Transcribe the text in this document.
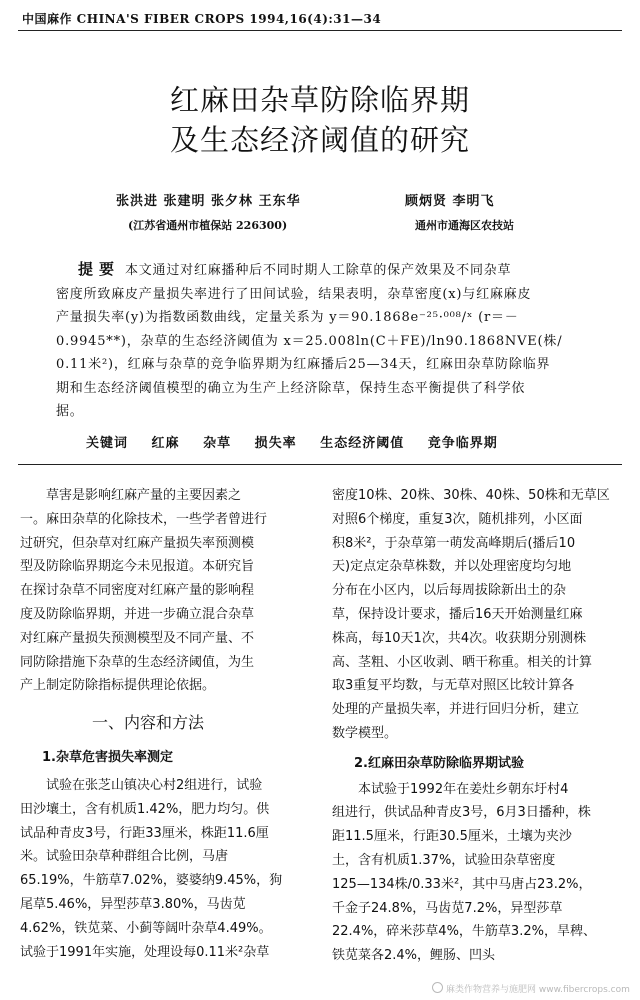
中国麻作 CHINA'S FIBER CROPS 1994,16(4):31—34
红麻田杂草防除临界期
及生态经济阈值的研究
张洪进 张建明 张夕林 王东华	顾炳贤 李明飞
(江苏省通州市植保站 226300)	通州市通海区农技站
提要 本文通过对红麻播种后不同时期人工除草的保产效果及不同杂草
密度所致麻皮产量损失率进行了田间试验，结果表明，杂草密度(x)与红麻麻皮
产量损失率(y)为指数函数曲线，定量关系为 y＝90.1868e⁻²⁵·⁰⁰⁸/ˣ (r＝－
0.9945**)，杂草的生态经济阈值为 x＝25.008ln(C＋FE)/ln90.1868NVE(株/
0.11米²)，红麻与杂草的竞争临界期为红麻播后25—34天，红麻田杂草防除临界
期和生态经济阈值模型的确立为生产上经济除草，保持生态平衡提供了科学依
据。
关键词 红麻 杂草 损失率 生态经济阈值 竞争临界期

草害是影响红麻产量的主要因素之

一。麻田杂草的化除技术，一些学者曾进行

过研究，但杂草对红麻产量损失率预测模

型及防除临界期迄今未见报道。本研究旨

在探讨杂草不同密度对红麻产量的影响程

度及防除临界期，并进一步确立混合杂草

对红麻产量损失预测模型及不同产量、不

同防除措施下杂草的生态经济阈值，为生

产上制定防除指标提供理论依据。

一、内容和方法

1.杂草危害损失率测定

试验在张芝山镇决心村2组进行，试验

田沙壤土，含有机质1.42%，肥力均匀。供

试品种青皮3号，行距33厘米，株距11.6厘

米。试验田杂草种群组合比例，马唐

65.19%，牛筋草7.02%，婆婆纳9.45%，狗

尾草5.46%，异型莎草3.80%，马齿苋

4.62%，铁苋菜、小蓟等阔叶杂草4.49%。

试验于1991年实施，处理设每0.11米²杂草

密度10株、20株、30株、40株、50株和无草区

对照6个梯度，重复3次，随机排列，小区面

积8米²，于杂草第一萌发高峰期后(播后10

天)定点定杂草株数，并以处理密度均匀地

分布在小区内，以后每周拔除新出土的杂

草，保持设计要求，播后16天开始测量红麻

株高，每10天1次，共4次。收获期分别测株

高、茎粗、小区收剥、晒干称重。相关的计算

取3重复平均数，与无草对照区比较计算各

处理的产量损失率，并进行回归分析，建立

数学模型。

2.红麻田杂草防除临界期试验

本试验于1992年在姜灶乡朝东圩村4

组进行，供试品种青皮3号，6月3日播种，株

距11.5厘米，行距30.5厘米，土壤为夹沙

土，含有机质1.37%，试验田杂草密度

125—134株/0.33米²，其中马唐占23.2%，

千金子24.8%，马齿苋7.2%，异型莎草

22.4%，碎米莎草4%，牛筋草3.2%，旱稗、

铁苋菜各2.4%，鲤肠、凹头

麻类作物营养与施肥网 www.fibercrops.com
